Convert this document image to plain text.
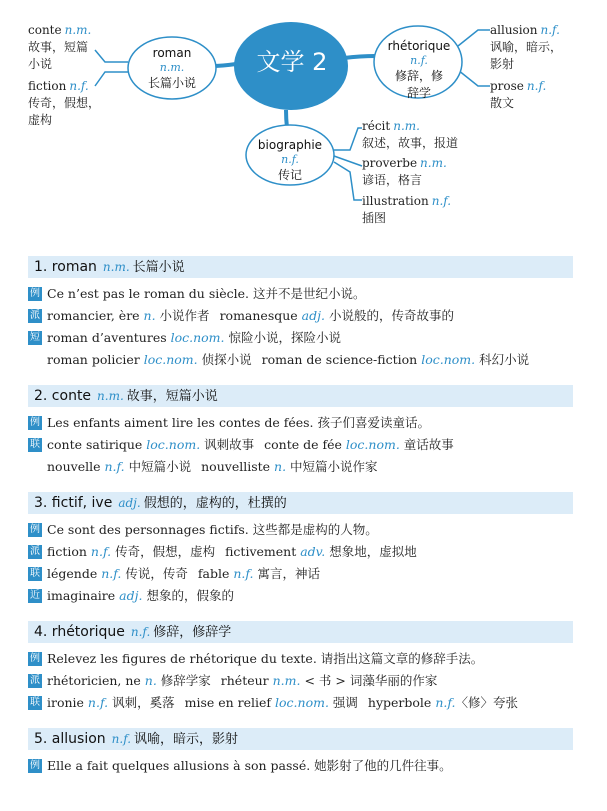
文学 2
roman
n.m.
长篇小说
rhétorique
n.f.
修辞，修
辞学
biographie
n.f.
传记
conte n.m.
故事，短篇
小说
fiction n.f.
传奇，假想，
虚构
allusion n.f.
讽喻，暗示，
影射
prose n.f.
散文
récit n.m.
叙述，故事，报道
proverbe n.m.
谚语，格言
illustration n.f.
插图
1. roman n.m. 长篇小说
例 Ce n’est pas le roman du siècle. 这并不是世纪小说。
派 romancier, ère n. 小说作者 romanesque adj. 小说般的，传奇故事的
短 roman d’aventures loc.nom. 惊险小说，探险小说
roman policier loc.nom. 侦探小说 roman de science-fiction loc.nom. 科幻小说
2. conte n.m. 故事，短篇小说
例 Les enfants aiment lire les contes de fées. 孩子们喜爱读童话。
联 conte satirique loc.nom. 讽刺故事 conte de fée loc.nom. 童话故事
nouvelle n.f. 中短篇小说 nouvelliste n. 中短篇小说作家
3. fictif, ive adj. 假想的，虚构的，杜撰的
例 Ce sont des personnages fictifs. 这些都是虚构的人物。
派 fiction n.f. 传奇，假想，虚构 fictivement adv. 想象地，虚拟地
联 légende n.f. 传说，传奇 fable n.f. 寓言，神话
近 imaginaire adj. 想象的，假象的
4. rhétorique n.f. 修辞，修辞学
例 Relevez les figures de rhétorique du texte. 请指出这篇文章的修辞手法。
派 rhétoricien, ne n. 修辞学家 rhéteur n.m. < 书 > 词藻华丽的作家
联 ironie n.f. 讽刺，奚落 mise en relief loc.nom. 强调 hyperbole n.f.〈修〉夸张
5. allusion n.f. 讽喻，暗示，影射
例 Elle a fait quelques allusions à son passé. 她影射了他的几件往事。
